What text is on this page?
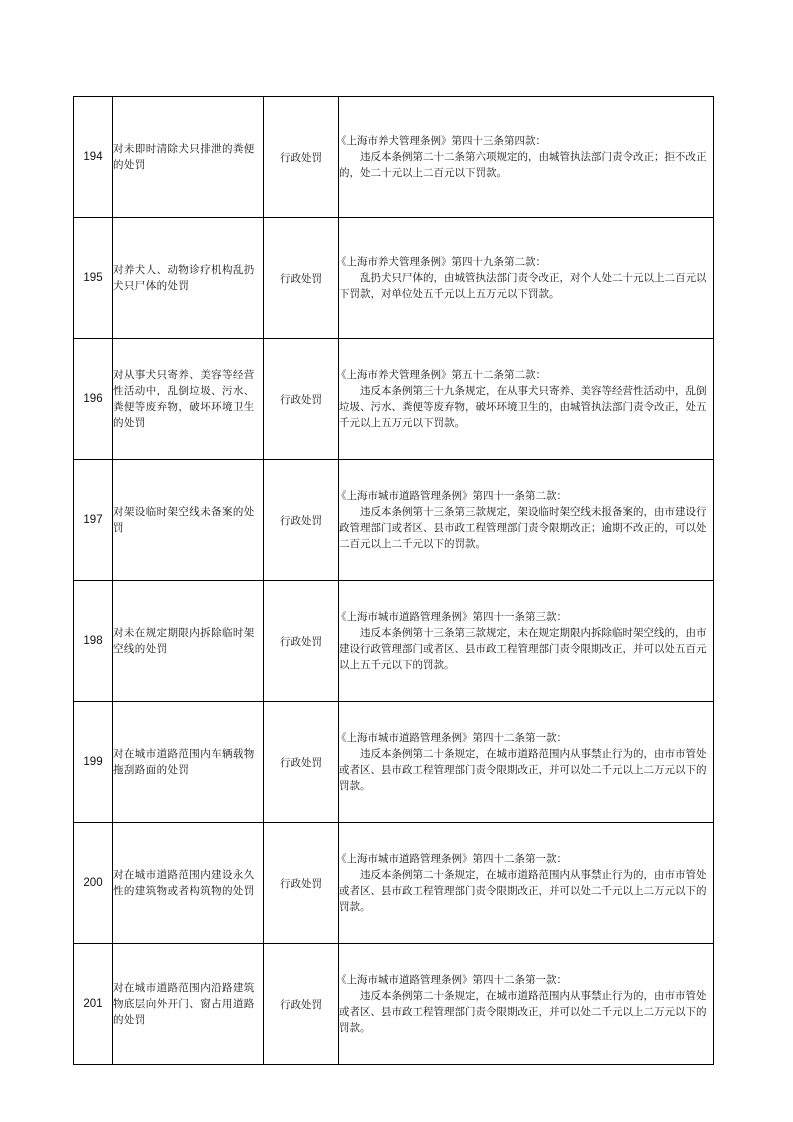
194	对未即时清除犬只排泄的粪便的处罚	行政处罚	《上海市养犬管理条例》第四十三条第四款：
违反本条例第二十二条第六项规定的，由城管执法部门责令改正；拒不改正的，处二十元以上二百元以下罚款。

195	对养犬人、动物诊疗机构乱扔犬只尸体的处罚	行政处罚	《上海市养犬管理条例》第四十九条第二款：
乱扔犬只尸体的，由城管执法部门责令改正，对个人处二十元以上二百元以下罚款，对单位处五千元以上五万元以下罚款。

196	对从事犬只寄养、美容等经营性活动中，乱倒垃圾、污水、粪便等废弃物，破坏环境卫生的处罚	行政处罚	《上海市养犬管理条例》第五十二条第二款：
违反本条例第三十九条规定，在从事犬只寄养、美容等经营性活动中，乱倒垃圾、污水、粪便等废弃物，破坏环境卫生的，由城管执法部门责令改正，处五千元以上五万元以下罚款。

197	对架设临时架空线未备案的处罚	行政处罚	《上海市城市道路管理条例》第四十一条第二款：
违反本条例第十三条第三款规定，架设临时架空线未报备案的，由市建设行政管理部门或者区、县市政工程管理部门责令限期改正；逾期不改正的，可以处二百元以上二千元以下的罚款。

198	对未在规定期限内拆除临时架空线的处罚	行政处罚	《上海市城市道路管理条例》第四十一条第三款：
违反本条例第十三条第三款规定，未在规定期限内拆除临时架空线的，由市建设行政管理部门或者区、县市政工程管理部门责令限期改正，并可以处五百元以上五千元以下的罚款。

199	对在城市道路范围内车辆载物拖刮路面的处罚	行政处罚	《上海市城市道路管理条例》第四十二条第一款：
违反本条例第二十条规定，在城市道路范围内从事禁止行为的，由市市管处或者区、县市政工程管理部门责令限期改正，并可以处二千元以上二万元以下的罚款。

200	对在城市道路范围内建设永久性的建筑物或者构筑物的处罚	行政处罚	《上海市城市道路管理条例》第四十二条第一款：
违反本条例第二十条规定，在城市道路范围内从事禁止行为的，由市市管处或者区、县市政工程管理部门责令限期改正，并可以处二千元以上二万元以下的罚款。

201	对在城市道路范围内沿路建筑物底层向外开门、窗占用道路的处罚	行政处罚	《上海市城市道路管理条例》第四十二条第一款：
违反本条例第二十条规定，在城市道路范围内从事禁止行为的，由市市管处或者区、县市政工程管理部门责令限期改正，并可以处二千元以上二万元以下的罚款。
